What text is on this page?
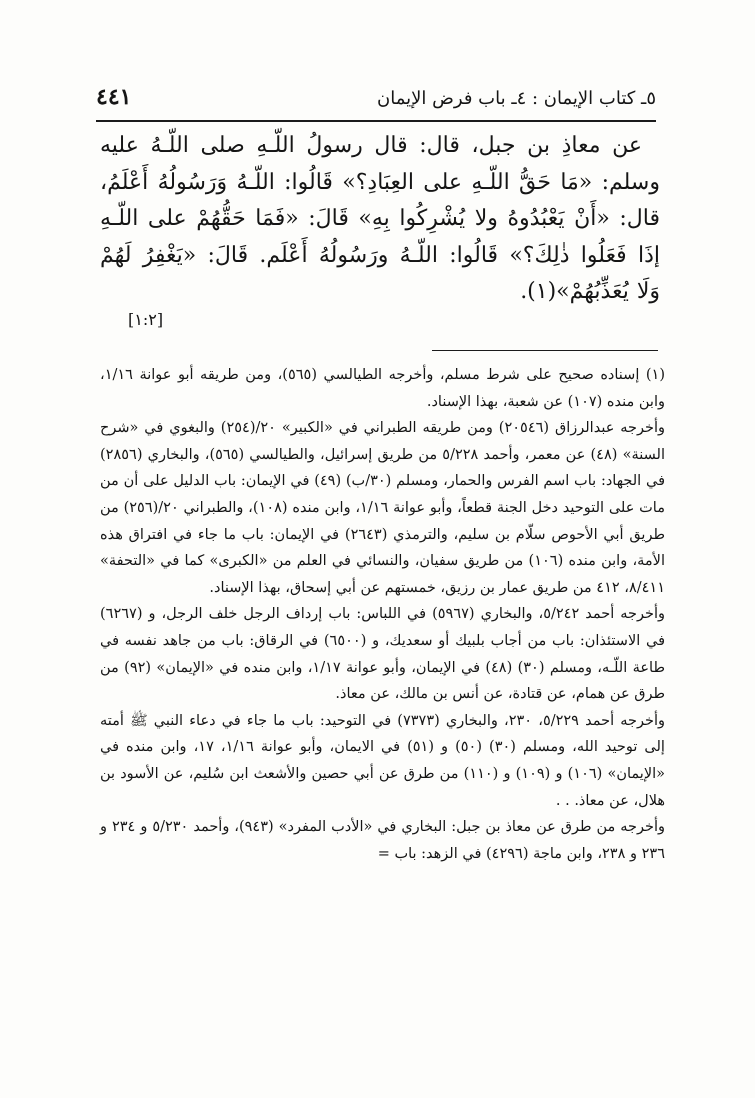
٥ـ كتاب الإيمان : ٤ـ باب فرض الإيمان
٤٤١

عن معاذِ بن جبل، قال: قال رسولُ اللّـهِ صلى اللّـهُ عليه وسلم: «مَا حَقُّ اللّـهِ على العِبَادِ؟» قَالُوا: اللّـهُ وَرَسُولُهُ أَعْلَمُ، قال: «أَنْ يَعْبُدُوهُ ولا يُشْرِكُوا بِهِ» قَالَ: «فَمَا حَقُّهُمْ على اللّـهِ إذَا فَعَلُوا ذٰلِكَ؟» قَالُوا: اللّـهُ ورَسُولُهُ أَعْلَم. قَالَ: «يَغْفِرُ لَهُمْ وَلَا يُعَذِّبُهُمْ»(١).

[١:٢]

(١) إسناده صحيح على شرط مسلم، وأخرجه الطيالسي (٥٦٥)، ومن طريقه أبو عوانة ١/١٦، وابن منده (١٠٧) عن شعبة، بهذا الإسناد.

وأخرجه عبدالرزاق (٢٠٥٤٦) ومن طريقه الطبراني في «الكبير» ٢٠/(٢٥٤) والبغوي في «شرح السنة» (٤٨) عن معمر، وأحمد ٥/٢٢٨ من طريق إسرائيل، والطيالسي (٥٦٥)، والبخاري (٢٨٥٦) في الجهاد: باب اسم الفرس والحمار، ومسلم (٣٠/ب) (٤٩) في الإيمان: باب الدليل على أن من مات على التوحيد دخل الجنة قطعاً، وأبو عوانة ١/١٦، وابن منده (١٠٨)، والطبراني ٢٠/(٢٥٦) من طريق أبي الأحوص سلّام بن سليم، والترمذي (٢٦٤٣) في الإيمان: باب ما جاء في افتراق هذه الأمة، وابن منده (١٠٦) من طريق سفيان، والنسائي في العلم من «الكبرى» كما في «التحفة» ٨/٤١١، ٤١٢ من طريق عمار بن رزيق، خمستهم عن أبي إسحاق، بهذا الإسناد.

وأخرجه أحمد ٥/٢٤٢، والبخاري (٥٩٦٧) في اللباس: باب إرداف الرجل خلف الرجل، و (٦٢٦٧) في الاستئذان: باب من أجاب بلبيك أو سعديك، و (٦٥٠٠) في الرقاق: باب من جاهد نفسه في طاعة اللّـه، ومسلم (٣٠) (٤٨) في الإيمان، وأبو عوانة ١/١٧، وابن منده في «الإيمان» (٩٢) من طرق عن همام، عن قتادة، عن أنس بن مالك، عن معاذ.

وأخرجه أحمد ٥/٢٢٩، ٢٣٠، والبخاري (٧٣٧٣) في التوحيد: باب ما جاء في دعاء النبي ﷺ أمته إلى توحيد الله، ومسلم (٣٠) (٥٠) و (٥١) في الايمان، وأبو عوانة ١/١٦، ١٧، وابن منده في «الإيمان» (١٠٦) و (١٠٩) و (١١٠) من طرق عن أبي حصين والأشعث ابن سُليم، عن الأسود بن هلال، عن معاذ. . .

وأخرجه من طرق عن معاذ بن جبل: البخاري في «الأدب المفرد» (٩٤٣)، وأحمد ٥/٢٣٠ و ٢٣٤ و ٢٣٦ و ٢٣٨، وابن ماجة (٤٢٩٦) في الزهد: باب =
